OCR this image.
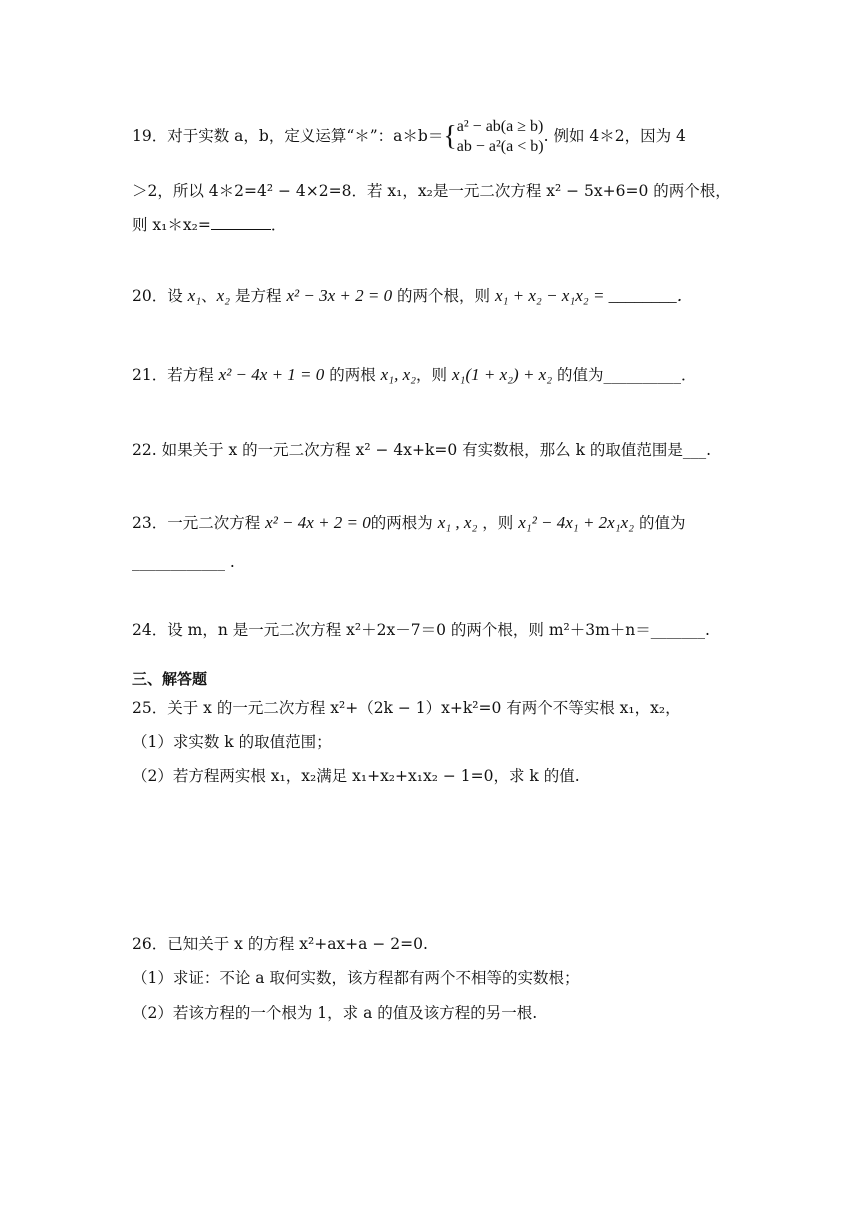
19．对于实数 a，b，定义运算“＊”：a＊b＝{ a² − ab(a ≥ b)
ab − a²(a < b)
. 例如 4＊2，因为 4
＞2，所以 4＊2=4² − 4×2=8．若 x₁，x₂是一元二次方程 x² − 5x+6=0 的两个根，
则 x₁＊x₂=	．
20．设 x₁、x₂ 是方程 x² − 3x + 2 = 0 的两个根，则 x₁ + x₂ − x₁x₂ = ________．
21．若方程 x² − 4x + 1 = 0 的两根 x₁, x₂，则 x₁(1 + x₂) + x₂ 的值为__________．
22. 如果关于 x 的一元二次方程 x² − 4x+k=0 有实数根，那么 k 的取值范围是___.
23．一元二次方程 x² − 4x + 2 = 0的两根为 x₁ , x₂ ，则 x₁² − 4x₁ + 2x₁x₂ 的值为
____________ .
24．设 m，n 是一元二次方程 x²＋2x－7＝0 的两个根，则 m²＋3m＋n＝_______.
三、解答题
25．关于 x 的一元二次方程 x²+（2k − 1）x+k²=0 有两个不等实根 x₁，x₂，
（1）求实数 k 的取值范围；
（2）若方程两实根 x₁，x₂满足 x₁+x₂+x₁x₂ − 1=0，求 k 的值.
26．已知关于 x 的方程 x²+ax+a − 2=0.
（1）求证：不论 a 取何实数，该方程都有两个不相等的实数根；
（2）若该方程的一个根为 1，求 a 的值及该方程的另一根.
